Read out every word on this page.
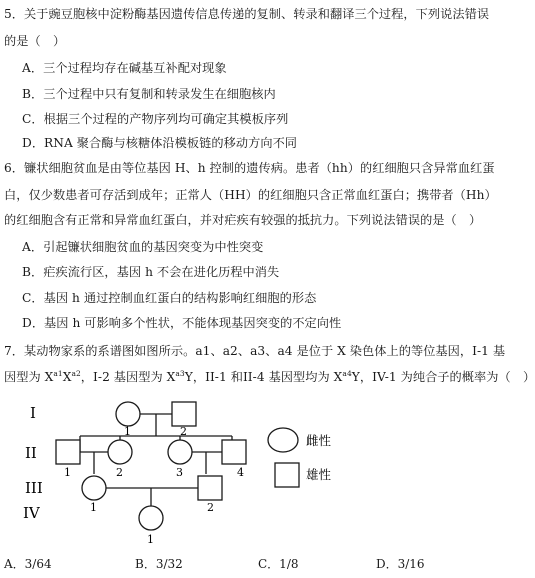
5．关于豌豆胞核中淀粉酶基因遗传信息传递的复制、转录和翻译三个过程，下列说法错误
的是（　）
A．三个过程均存在碱基互补配对现象
B．三个过程中只有复制和转录发生在细胞核内
C．根据三个过程的产物序列均可确定其模板序列
D．RNA 聚合酶与核糖体沿模板链的移动方向不同
6．镰状细胞贫血是由等位基因 H、h 控制的遗传病。患者（hh）的红细胞只含异常血红蛋
白，仅少数患者可存活到成年；正常人（HH）的红细胞只含正常血红蛋白；携带者（Hh）
的红细胞含有正常和异常血红蛋白，并对疟疾有较强的抵抗力。下列说法错误的是（　）
A．引起镰状细胞贫血的基因突变为中性突变
B．疟疾流行区，基因 h 不会在进化历程中消失
C．基因 h 通过控制血红蛋白的结构影响红细胞的形态
D．基因 h 可影响多个性状，不能体现基因突变的不定向性
7．某动物家系的系谱图如图所示。a1、a2、a3、a4 是位于 X 染色体上的等位基因，I-1 基
因型为 $X^{a1}X^{a2}$，I-2 基因型为 $X^{a3}Y$，II-1 和II-4 基因型均为 $X^{a4}Y$，IV-1 为纯合子的概率为（　）
I
II
III
IV
1	2
1	2	3	4
1	2
1
雌性
雄性
A．3/64	B．3/32	C．1/8	D．3/16
